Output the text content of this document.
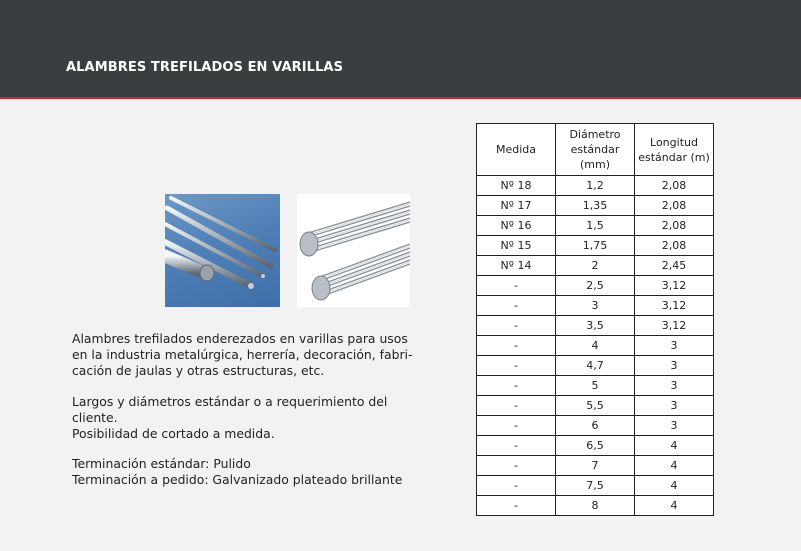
ALAMBRES TREFILADOS EN VARILLAS

Alambres trefilados enderezados en varillas para usos en la industria metalúrgica, herrería, decoración, fabri-cación de jaulas y otras estructuras, etc.

Largos y diámetros estándar o a requerimiento del cliente.

Posibilidad de cortado a medida.

Terminación estándar: Pulido

Terminación a pedido: Galvanizado plateado brillante

Medida	Diámetro estándar (mm)	Longitud estándar (m)
Nº 18	1,2	2,08
Nº 17	1,35	2,08
Nº 16	1,5	2,08
Nº 15	1,75	2,08
Nº 14	2	2,45
-	2,5	3,12
-	3	3,12
-	3,5	3,12
-	4	3
-	4,7	3
-	5	3
-	5,5	3
-	6	3
-	6,5	4
-	7	4
-	7,5	4
-	8	4
